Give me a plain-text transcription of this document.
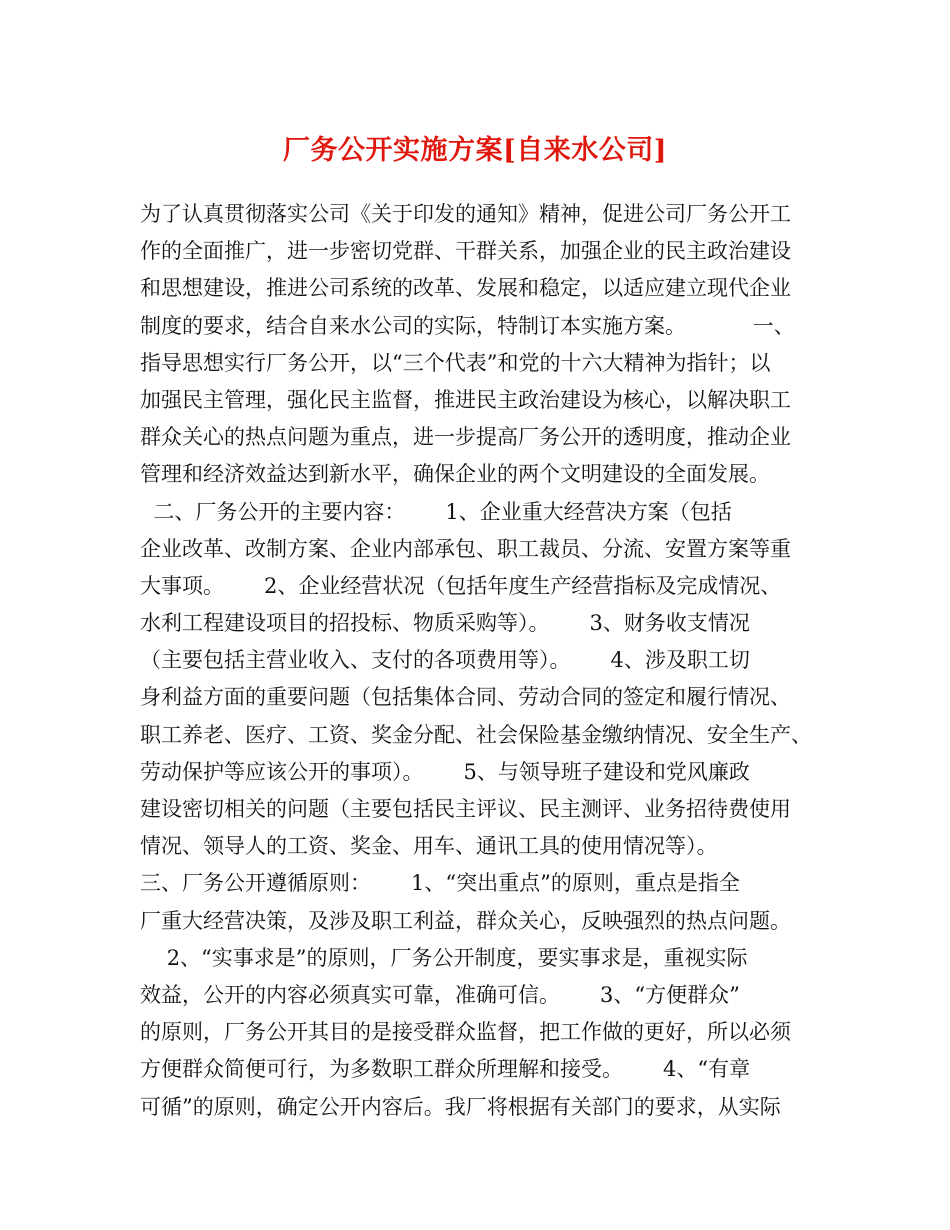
厂务公开实施方案[自来水公司]
为了认真贯彻落实公司《关于印发的通知》精神，促进公司厂务公开工
作的全面推广，进一步密切党群、干群关系，加强企业的民主政治建设
和思想建设，推进公司系统的改革、发展和稳定，以适应建立现代企业
制度的要求，结合自来水公司的实际，特制订本实施方案。          一、
指导思想实行厂务公开，以“三个代表”和党的十六大精神为指针；以
加强民主管理，强化民主监督，推进民主政治建设为核心，以解决职工
群众关心的热点问题为重点，进一步提高厂务公开的透明度，推动企业
管理和经济效益达到新水平，确保企业的两个文明建设的全面发展。
二、厂务公开的主要内容：      1、企业重大经营决方案（包括
企业改革、改制方案、企业内部承包、职工裁员、分流、安置方案等重
大事项。      2、企业经营状况（包括年度生产经营指标及完成情况、
水利工程建设项目的招投标、物质采购等）。      3、财务收支情况
（主要包括主营业收入、支付的各项费用等）。      4、涉及职工切
身利益方面的重要问题（包括集体合同、劳动合同的签定和履行情况、
职工养老、医疗、工资、奖金分配、社会保险基金缴纳情况、安全生产、
劳动保护等应该公开的事项）。      5、与领导班子建设和党风廉政
建设密切相关的问题（主要包括民主评议、民主测评、业务招待费使用
情况、领导人的工资、奖金、用车、通讯工具的使用情况等）。
三、厂务公开遵循原则：      1、“突出重点”的原则，重点是指全
厂重大经营决策，及涉及职工利益，群众关心，反映强烈的热点问题。
2、“实事求是”的原则，厂务公开制度，要实事求是，重视实际
效益，公开的内容必须真实可靠，准确可信。      3、“方便群众”
的原则，厂务公开其目的是接受群众监督，把工作做的更好，所以必须
方便群众简便可行，为多数职工群众所理解和接受。      4、“有章
可循”的原则，确定公开内容后。我厂将根据有关部门的要求，从实际
